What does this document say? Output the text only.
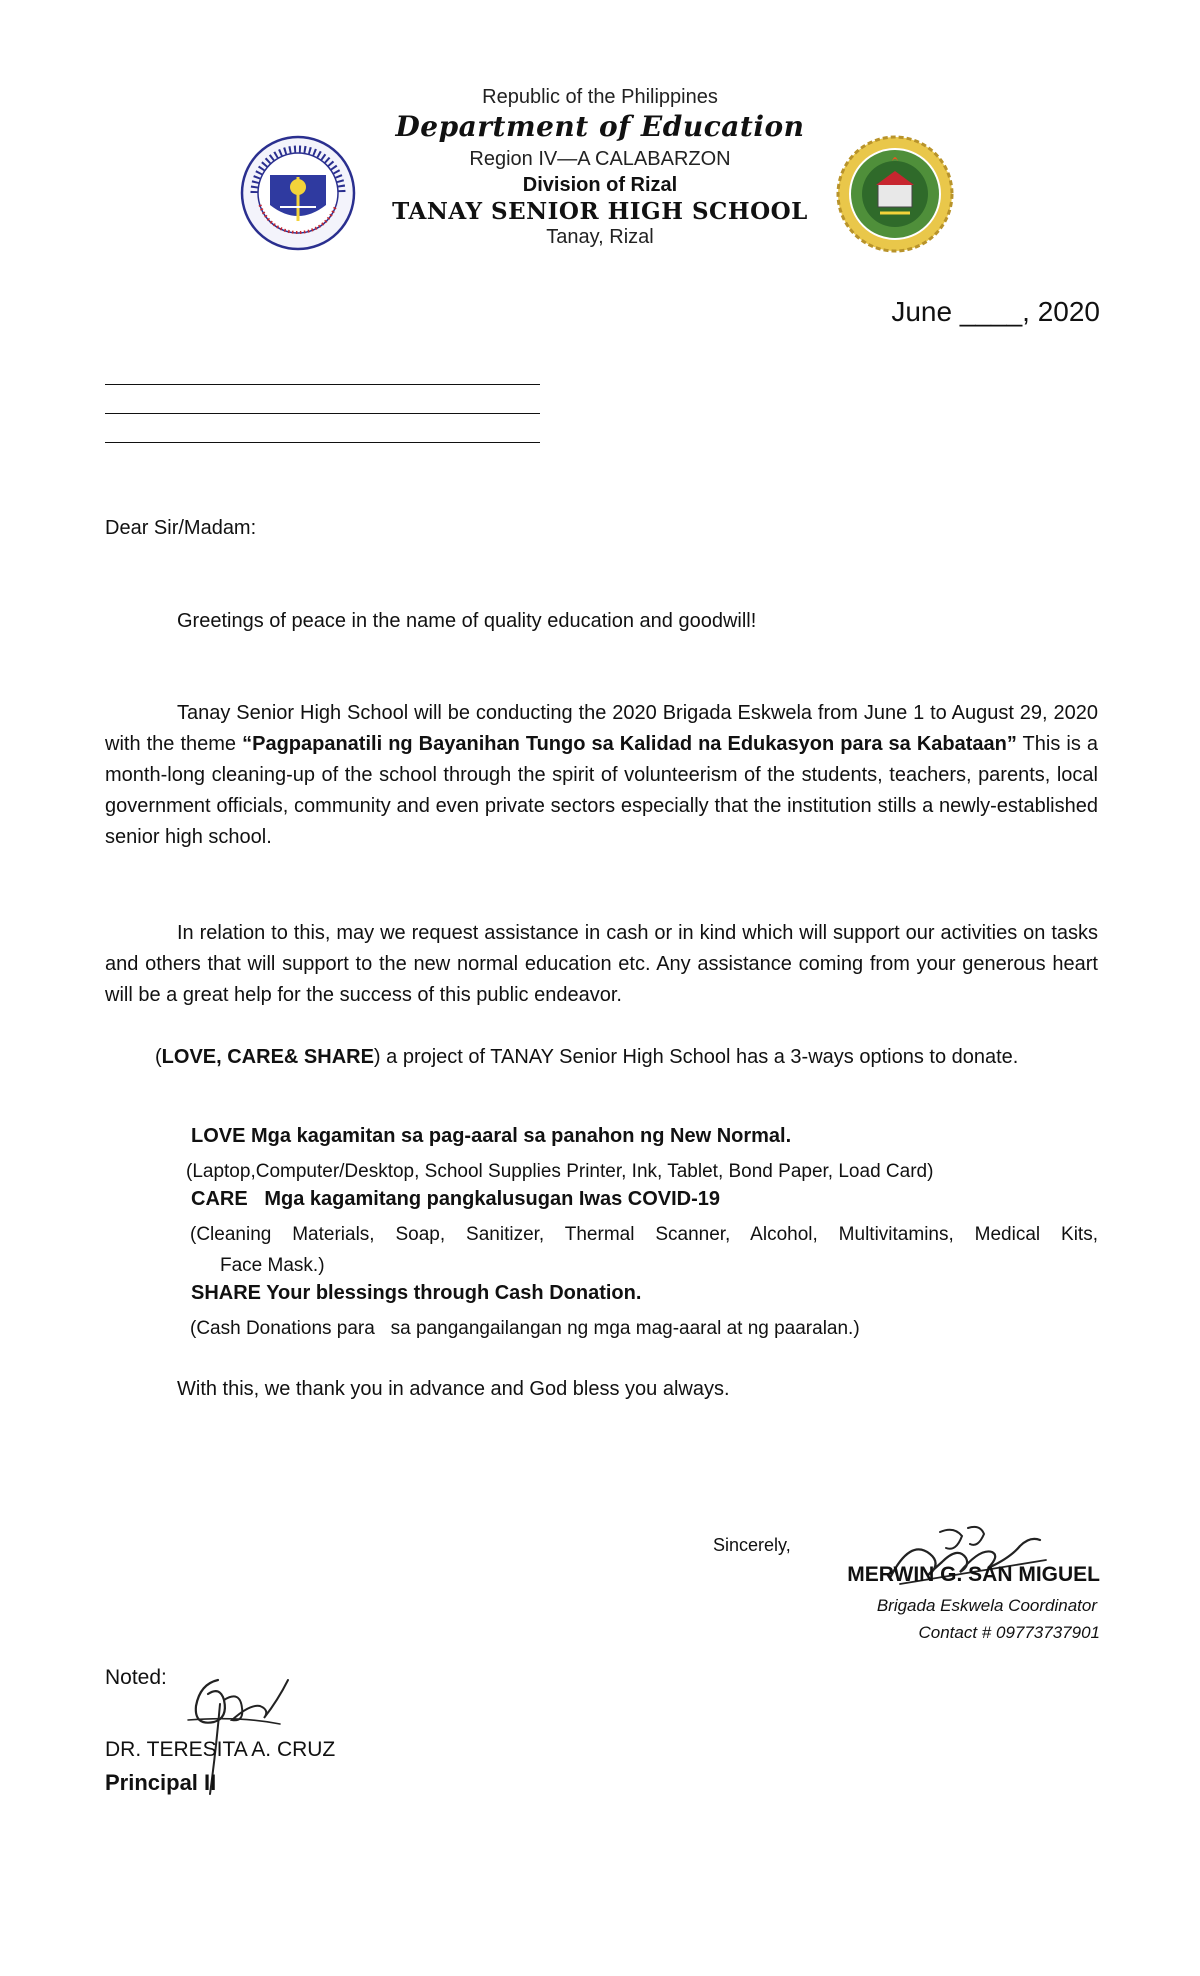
Republic of the Philippines
Department of Education
Region IV—A CALABARZON
Division of Rizal
TANAY SENIOR HIGH SCHOOL
Tanay, Rizal
June ____, 2020
Dear Sir/Madam:
Greetings of peace in the name of quality education and goodwill!
Tanay Senior High School will be conducting the 2020 Brigada Eskwela from June 1 to August 29, 2020 with the theme “Pagpapanatili ng Bayanihan Tungo sa Kalidad na Edukasyon para sa Kabataan” This is a month-long cleaning-up of the school through the spirit of volunteerism of the students, teachers, parents, local government officials, community and even private sectors especially that the institution stills a newly-established senior high school.
In relation to this, may we request assistance in cash or in kind which will support our activities on tasks and others that will support to the new normal education etc. Any assistance coming from your generous heart will be a great help for the success of this public endeavor.
(LOVE, CARE& SHARE) a project of TANAY Senior High School has a 3-ways options to donate.
LOVE Mga kagamitan sa pag-aaral sa panahon ng New Normal.
(Laptop,Computer/Desktop, School Supplies Printer, Ink, Tablet, Bond Paper, Load Card)
CARE   Mga kagamitang pangkalusugan Iwas COVID-19
(Cleaning Materials, Soap, Sanitizer, Thermal Scanner, Alcohol, Multivitamins, Medical Kits,
Face Mask.)
SHARE Your blessings through Cash Donation.
(Cash Donations para   sa pangangailangan ng mga mag-aaral at ng paaralan.)
With this, we thank you in advance and God bless you always.
Sincerely,
MERWIN G. SAN MIGUEL
Brigada Eskwela Coordinator
Contact # 09773737901
Noted:
DR. TERESITA A. CRUZ
Principal II
